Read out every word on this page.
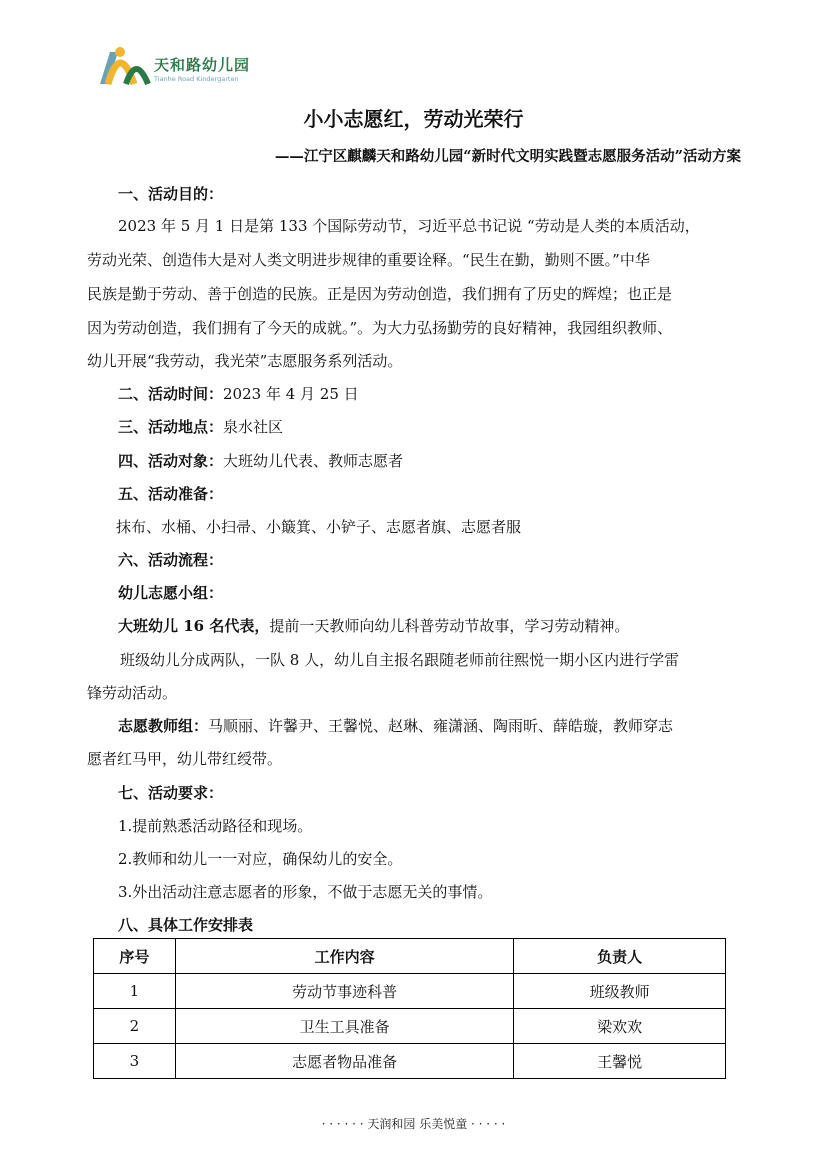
天和路幼儿园
Tianhe Road Kindergarten
小小志愿红，劳动光荣行
——江宁区麒麟天和路幼儿园“新时代文明实践暨志愿服务活动”活动方案
一、活动目的：
2023 年 5 月 1 日是第 133 个国际劳动节，习近平总书记说 “劳动是人类的本质活动，
劳动光荣、创造伟大是对人类文明进步规律的重要诠释。“民生在勤，勤则不匮。”中华
民族是勤于劳动、善于创造的民族。正是因为劳动创造，我们拥有了历史的辉煌；也正是
因为劳动创造，我们拥有了今天的成就。”。为大力弘扬勤劳的良好精神，我园组织教师、
幼儿开展“我劳动，我光荣”志愿服务系列活动。
二、活动时间：2023 年 4 月 25 日
三、活动地点：泉水社区
四、活动对象：大班幼儿代表、教师志愿者
五、活动准备：
抹布、水桶、小扫帚、小簸箕、小铲子、志愿者旗、志愿者服
六、活动流程：
幼儿志愿小组：
大班幼儿 16 名代表，提前一天教师向幼儿科普劳动节故事，学习劳动精神。
班级幼儿分成两队，一队 8 人，幼儿自主报名跟随老师前往熙悦一期小区内进行学雷
锋劳动活动。
志愿教师组：马顺丽、许馨尹、王馨悦、赵琳、雍潇涵、陶雨昕、薛皓璇，教师穿志
愿者红马甲，幼儿带红绶带。
七、活动要求：
1.提前熟悉活动路径和现场。
2.教师和幼儿一一对应，确保幼儿的安全。
3.外出活动注意志愿者的形象，不做于志愿无关的事情。
八、具体工作安排表
序号	工作内容	负责人
1	劳动节事迹科普	班级教师
2	卫生工具准备	梁欢欢
3	志愿者物品准备	王馨悦
· · · · · · 天润和园 乐美悦童 · · · · ·
